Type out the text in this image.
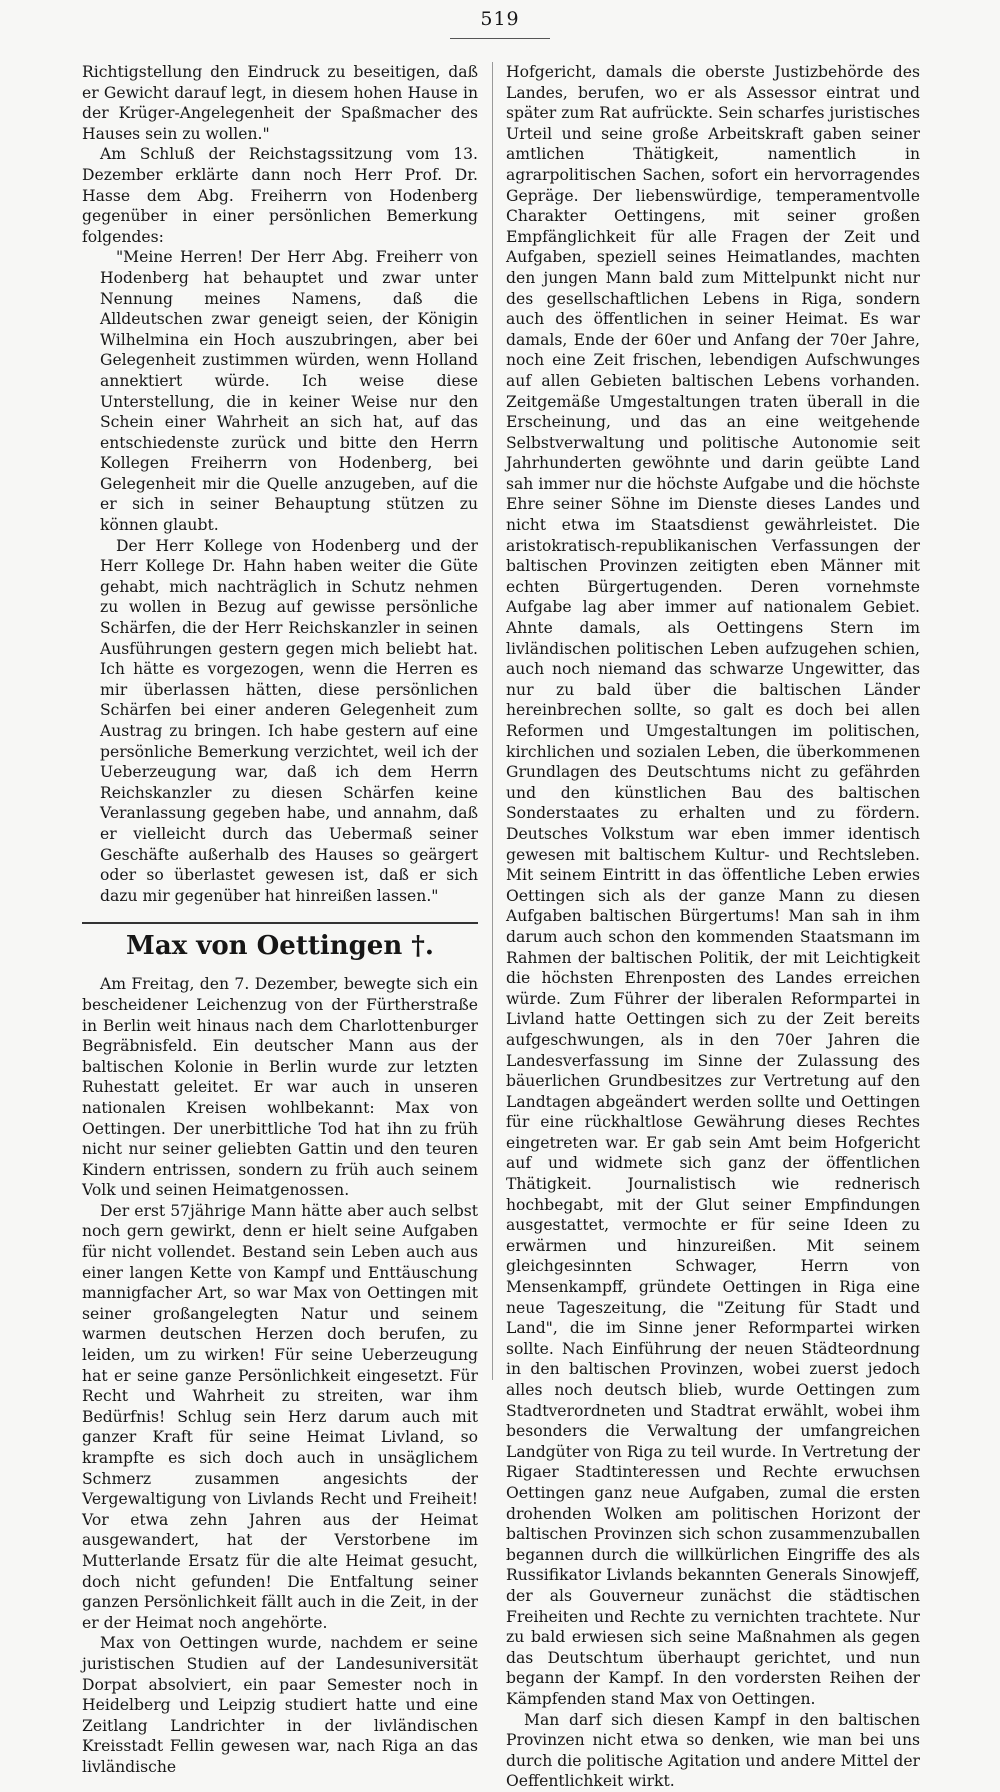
519

Richtigstellung den Eindruck zu beseitigen, daß er Gewicht darauf legt, in diesem hohen Hause in der Krüger-Angelegenheit der Spaßmacher des Hauses sein zu wollen."

Am Schluß der Reichstagssitzung vom 13. Dezember erklärte dann noch Herr Prof. Dr. Hasse dem Abg. Freiherrn von Hodenberg gegenüber in einer persönlichen Bemerkung folgendes:

"Meine Herren! Der Herr Abg. Freiherr von Hodenberg hat behauptet und zwar unter Nennung meines Namens, daß die Alldeutschen zwar geneigt seien, der Königin Wilhelmina ein Hoch auszubringen, aber bei Gelegenheit zustimmen würden, wenn Holland annektiert würde. Ich weise diese Unterstellung, die in keiner Weise nur den Schein einer Wahrheit an sich hat, auf das entschiedenste zurück und bitte den Herrn Kollegen Freiherrn von Hodenberg, bei Gelegenheit mir die Quelle anzugeben, auf die er sich in seiner Behauptung stützen zu können glaubt.

Der Herr Kollege von Hodenberg und der Herr Kollege Dr. Hahn haben weiter die Güte gehabt, mich nachträglich in Schutz nehmen zu wollen in Bezug auf gewisse persönliche Schärfen, die der Herr Reichskanzler in seinen Ausführungen gestern gegen mich beliebt hat. Ich hätte es vorgezogen, wenn die Herren es mir überlassen hätten, diese persönlichen Schärfen bei einer anderen Gelegenheit zum Austrag zu bringen. Ich habe gestern auf eine persönliche Bemerkung verzichtet, weil ich der Ueberzeugung war, daß ich dem Herrn Reichskanzler zu diesen Schärfen keine Veranlassung gegeben habe, und annahm, daß er vielleicht durch das Uebermaß seiner Geschäfte außerhalb des Hauses so geärgert oder so überlastet gewesen ist, daß er sich dazu mir gegenüber hat hinreißen lassen."

Max von Oettingen †.

Am Freitag, den 7. Dezember, bewegte sich ein bescheidener Leichenzug von der Fürtherstraße in Berlin weit hinaus nach dem Charlottenburger Begräbnisfeld. Ein deutscher Mann aus der baltischen Kolonie in Berlin wurde zur letzten Ruhestatt geleitet. Er war auch in unseren nationalen Kreisen wohlbekannt: Max von Oettingen. Der unerbittliche Tod hat ihn zu früh nicht nur seiner geliebten Gattin und den teuren Kindern entrissen, sondern zu früh auch seinem Volk und seinen Heimatgenossen.

Der erst 57jährige Mann hätte aber auch selbst noch gern gewirkt, denn er hielt seine Aufgaben für nicht vollendet. Bestand sein Leben auch aus einer langen Kette von Kampf und Enttäuschung mannigfacher Art, so war Max von Oettingen mit seiner großangelegten Natur und seinem warmen deutschen Herzen doch berufen, zu leiden, um zu wirken! Für seine Ueberzeugung hat er seine ganze Persönlichkeit eingesetzt. Für Recht und Wahrheit zu streiten, war ihm Bedürfnis! Schlug sein Herz darum auch mit ganzer Kraft für seine Heimat Livland, so krampfte es sich doch auch in unsäglichem Schmerz zusammen angesichts der Vergewaltigung von Livlands Recht und Freiheit! Vor etwa zehn Jahren aus der Heimat ausgewandert, hat der Verstorbene im Mutterlande Ersatz für die alte Heimat gesucht, doch nicht gefunden! Die Entfaltung seiner ganzen Persönlichkeit fällt auch in die Zeit, in der er der Heimat noch angehörte.

Max von Oettingen wurde, nachdem er seine juristischen Studien auf der Landesuniversität Dorpat absolviert, ein paar Semester noch in Heidelberg und Leipzig studiert hatte und eine Zeitlang Landrichter in der livländischen Kreisstadt Fellin gewesen war, nach Riga an das livländische

Hofgericht, damals die oberste Justizbehörde des Landes, berufen, wo er als Assessor eintrat und später zum Rat aufrückte. Sein scharfes juristisches Urteil und seine große Arbeitskraft gaben seiner amtlichen Thätigkeit, namentlich in agrarpolitischen Sachen, sofort ein hervorragendes Gepräge. Der liebenswürdige, temperamentvolle Charakter Oettingens, mit seiner großen Empfänglichkeit für alle Fragen der Zeit und Aufgaben, speziell seines Heimatlandes, machten den jungen Mann bald zum Mittelpunkt nicht nur des gesellschaftlichen Lebens in Riga, sondern auch des öffentlichen in seiner Heimat. Es war damals, Ende der 60er und Anfang der 70er Jahre, noch eine Zeit frischen, lebendigen Aufschwunges auf allen Gebieten baltischen Lebens vorhanden. Zeitgemäße Umgestaltungen traten überall in die Erscheinung, und das an eine weitgehende Selbstverwaltung und politische Autonomie seit Jahrhunderten gewöhnte und darin geübte Land sah immer nur die höchste Aufgabe und die höchste Ehre seiner Söhne im Dienste dieses Landes und nicht etwa im Staatsdienst gewährleistet. Die aristokratisch-republikanischen Verfassungen der baltischen Provinzen zeitigten eben Männer mit echten Bürgertugenden. Deren vornehmste Aufgabe lag aber immer auf nationalem Gebiet. Ahnte damals, als Oettingens Stern im livländischen politischen Leben aufzugehen schien, auch noch niemand das schwarze Ungewitter, das nur zu bald über die baltischen Länder hereinbrechen sollte, so galt es doch bei allen Reformen und Umgestaltungen im politischen, kirchlichen und sozialen Leben, die überkommenen Grundlagen des Deutschtums nicht zu gefährden und den künstlichen Bau des baltischen Sonderstaates zu erhalten und zu fördern. Deutsches Volkstum war eben immer identisch gewesen mit baltischem Kultur- und Rechtsleben. Mit seinem Eintritt in das öffentliche Leben erwies Oettingen sich als der ganze Mann zu diesen Aufgaben baltischen Bürgertums! Man sah in ihm darum auch schon den kommenden Staatsmann im Rahmen der baltischen Politik, der mit Leichtigkeit die höchsten Ehrenposten des Landes erreichen würde. Zum Führer der liberalen Reformpartei in Livland hatte Oettingen sich zu der Zeit bereits aufgeschwungen, als in den 70er Jahren die Landesverfassung im Sinne der Zulassung des bäuerlichen Grundbesitzes zur Vertretung auf den Landtagen abgeändert werden sollte und Oettingen für eine rückhaltlose Gewährung dieses Rechtes eingetreten war. Er gab sein Amt beim Hofgericht auf und widmete sich ganz der öffentlichen Thätigkeit. Journalistisch wie rednerisch hochbegabt, mit der Glut seiner Empfindungen ausgestattet, vermochte er für seine Ideen zu erwärmen und hinzureißen. Mit seinem gleichgesinnten Schwager, Herrn von Mensenkampff, gründete Oettingen in Riga eine neue Tageszeitung, die "Zeitung für Stadt und Land", die im Sinne jener Reformpartei wirken sollte. Nach Einführung der neuen Städteordnung in den baltischen Provinzen, wobei zuerst jedoch alles noch deutsch blieb, wurde Oettingen zum Stadtverordneten und Stadtrat erwählt, wobei ihm besonders die Verwaltung der umfangreichen Landgüter von Riga zu teil wurde. In Vertretung der Rigaer Stadtinteressen und Rechte erwuchsen Oettingen ganz neue Aufgaben, zumal die ersten drohenden Wolken am politischen Horizont der baltischen Provinzen sich schon zusammenzuballen begannen durch die willkürlichen Eingriffe des als Russifikator Livlands bekannten Generals Sinowjeff, der als Gouverneur zunächst die städtischen Freiheiten und Rechte zu vernichten trachtete. Nur zu bald erwiesen sich seine Maßnahmen als gegen das Deutschtum überhaupt gerichtet, und nun begann der Kampf. In den vordersten Reihen der Kämpfenden stand Max von Oettingen.

Man darf sich diesen Kampf in den baltischen Provinzen nicht etwa so denken, wie man bei uns durch die politische Agitation und andere Mittel der Oeffentlichkeit wirkt.
